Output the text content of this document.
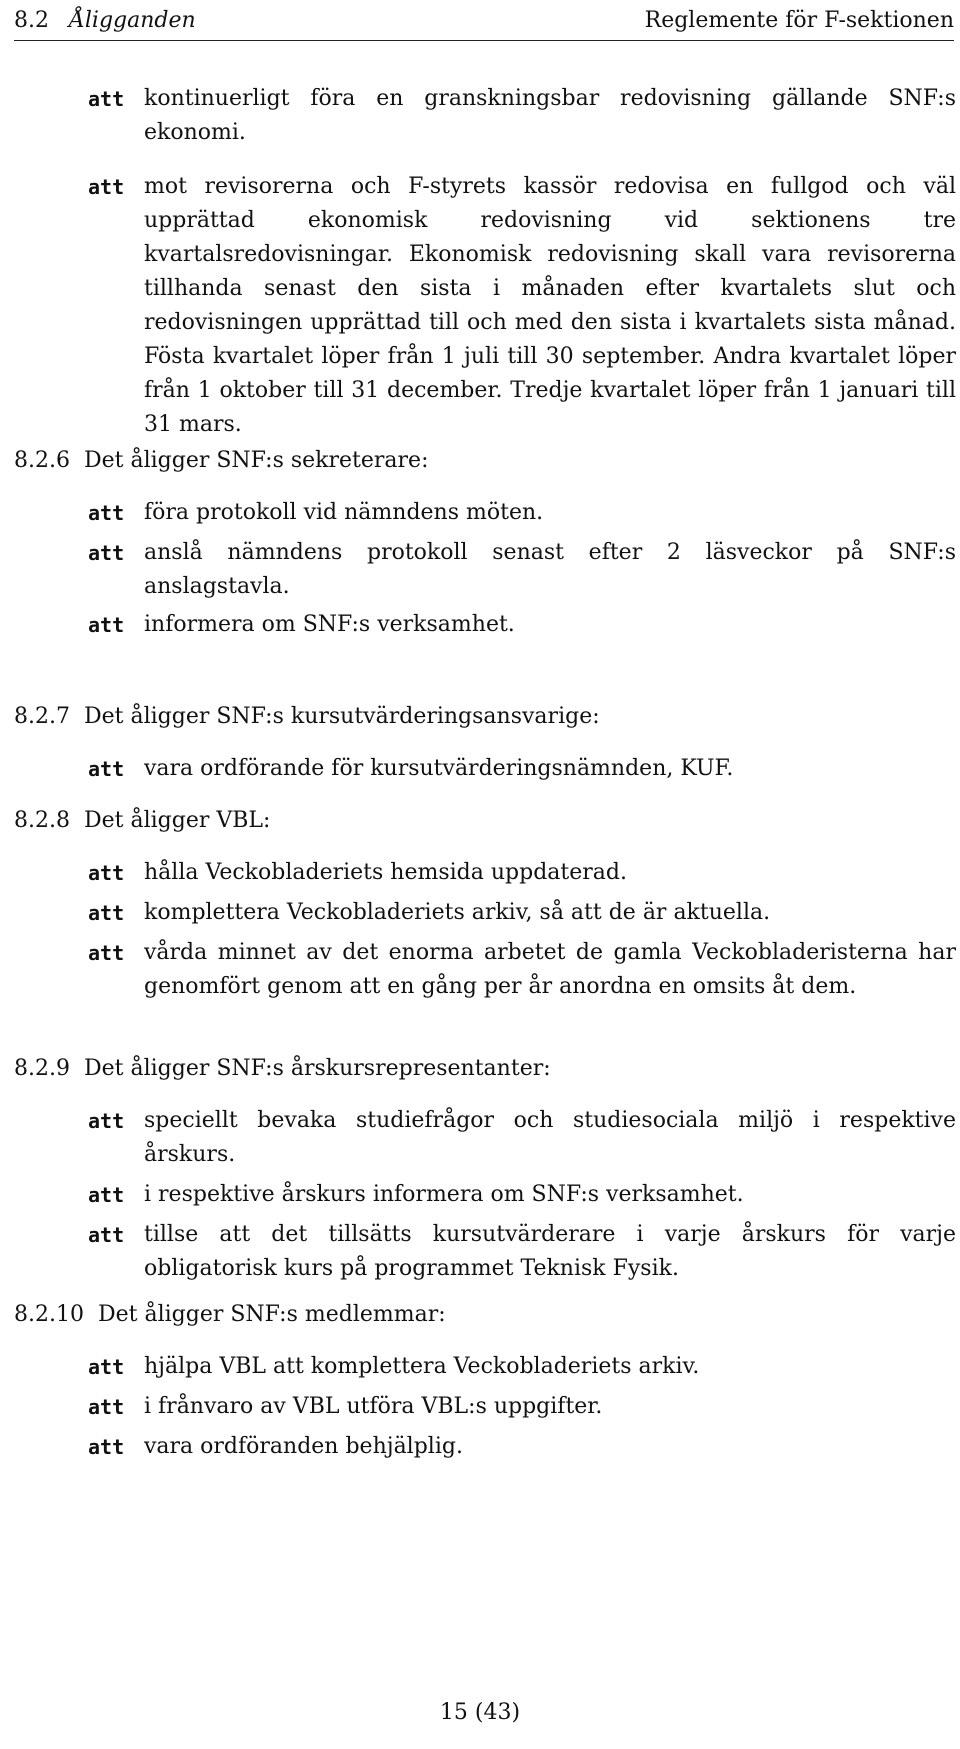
8.2 Åligganden	Reglemente för F-sektionen
att kontinuerligt föra en granskningsbar redovisning gällande SNF:s ekonomi.
att mot revisorerna och F-styrets kassör redovisa en fullgod och väl upprättad ekonomisk redovisning vid sektionens tre kvartalsredovisningar. Ekonomisk redovisning skall vara revisorerna tillhanda senast den sista i månaden efter kvartalets slut och redovisningen upprättad till och med den sista i kvartalets sista månad. Fösta kvartalet löper från 1 juli till 30 september. Andra kvartalet löper från 1 oktober till 31 december. Tredje kvartalet löper från 1 januari till 31 mars.
8.2.6 Det åligger SNF:s sekreterare:
att föra protokoll vid nämndens möten.
att anslå nämndens protokoll senast efter 2 läsveckor på SNF:s anslagstavla.
att informera om SNF:s verksamhet.
8.2.7 Det åligger SNF:s kursutvärderingsansvarige:
att vara ordförande för kursutvärderingsnämnden, KUF.
8.2.8 Det åligger VBL:
att hålla Veckobladeriets hemsida uppdaterad.
att komplettera Veckobladeriets arkiv, så att de är aktuella.
att vårda minnet av det enorma arbetet de gamla Veckobladeristerna har genomfört genom att en gång per år anordna en omsits åt dem.
8.2.9 Det åligger SNF:s årskursrepresentanter:
att speciellt bevaka studiefrågor och studiesociala miljö i respektive årskurs.
att i respektive årskurs informera om SNF:s verksamhet.
att tillse att det tillsätts kursutvärderare i varje årskurs för varje obligatorisk kurs på programmet Teknisk Fysik.
8.2.10 Det åligger SNF:s medlemmar:
att hjälpa VBL att komplettera Veckobladeriets arkiv.
att i frånvaro av VBL utföra VBL:s uppgifter.
att vara ordföranden behjälplig.
15 (43)
